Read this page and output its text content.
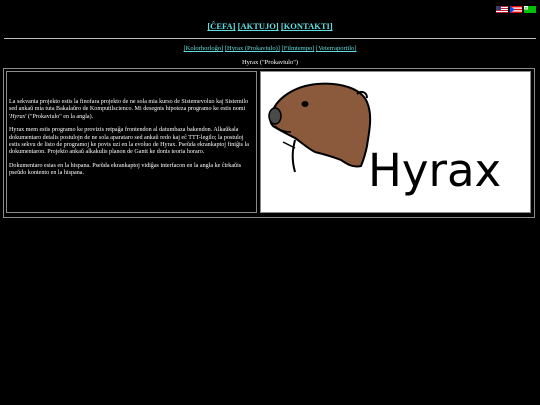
[ĈEFA] [AKTUJO] [KONTAKTI]
[Kolorhorloĝo] [Hyrax (Prokaviulo)] [Filmtempo] [Veterraportilo]
Hyrax ("Prokaviulo")

La sekvanta projekto estis la finofara projekto de ne sola mia kurso de Sistemevoluo kaj Sistemilo sed ankaŭ mia tuta Bakalaŭro de Komputilscienco. Mi desegnis hipoteza programo ke estis nomi 'Hyrax' ("Prokaviulo" en la angla).

Hyrax mem estis programo ke provizis retpaĝa frontendon al datumbaza bakendon. Alkaŭkala dokumentaro detalis postulojn de ne sola aparataro sed ankaŭ redo kaj eĉ TTT-legilo; la postuloj estis sekvu de listo de programoj ke povis uzi en la evoluo de Hyrax. Pseŭda ekrankaptoj finiĝis la dokumentaron. Projekto ankaŭ alkakulis planon de Gantt ke donis teoria horaro.

Dokumentaro estas en la hispana. Pseŭda ekrankaptoj vidiĝas interfacon en la angla ke ĉirkaŭis pseŭdo kontento en la hispana.	Hyrax
